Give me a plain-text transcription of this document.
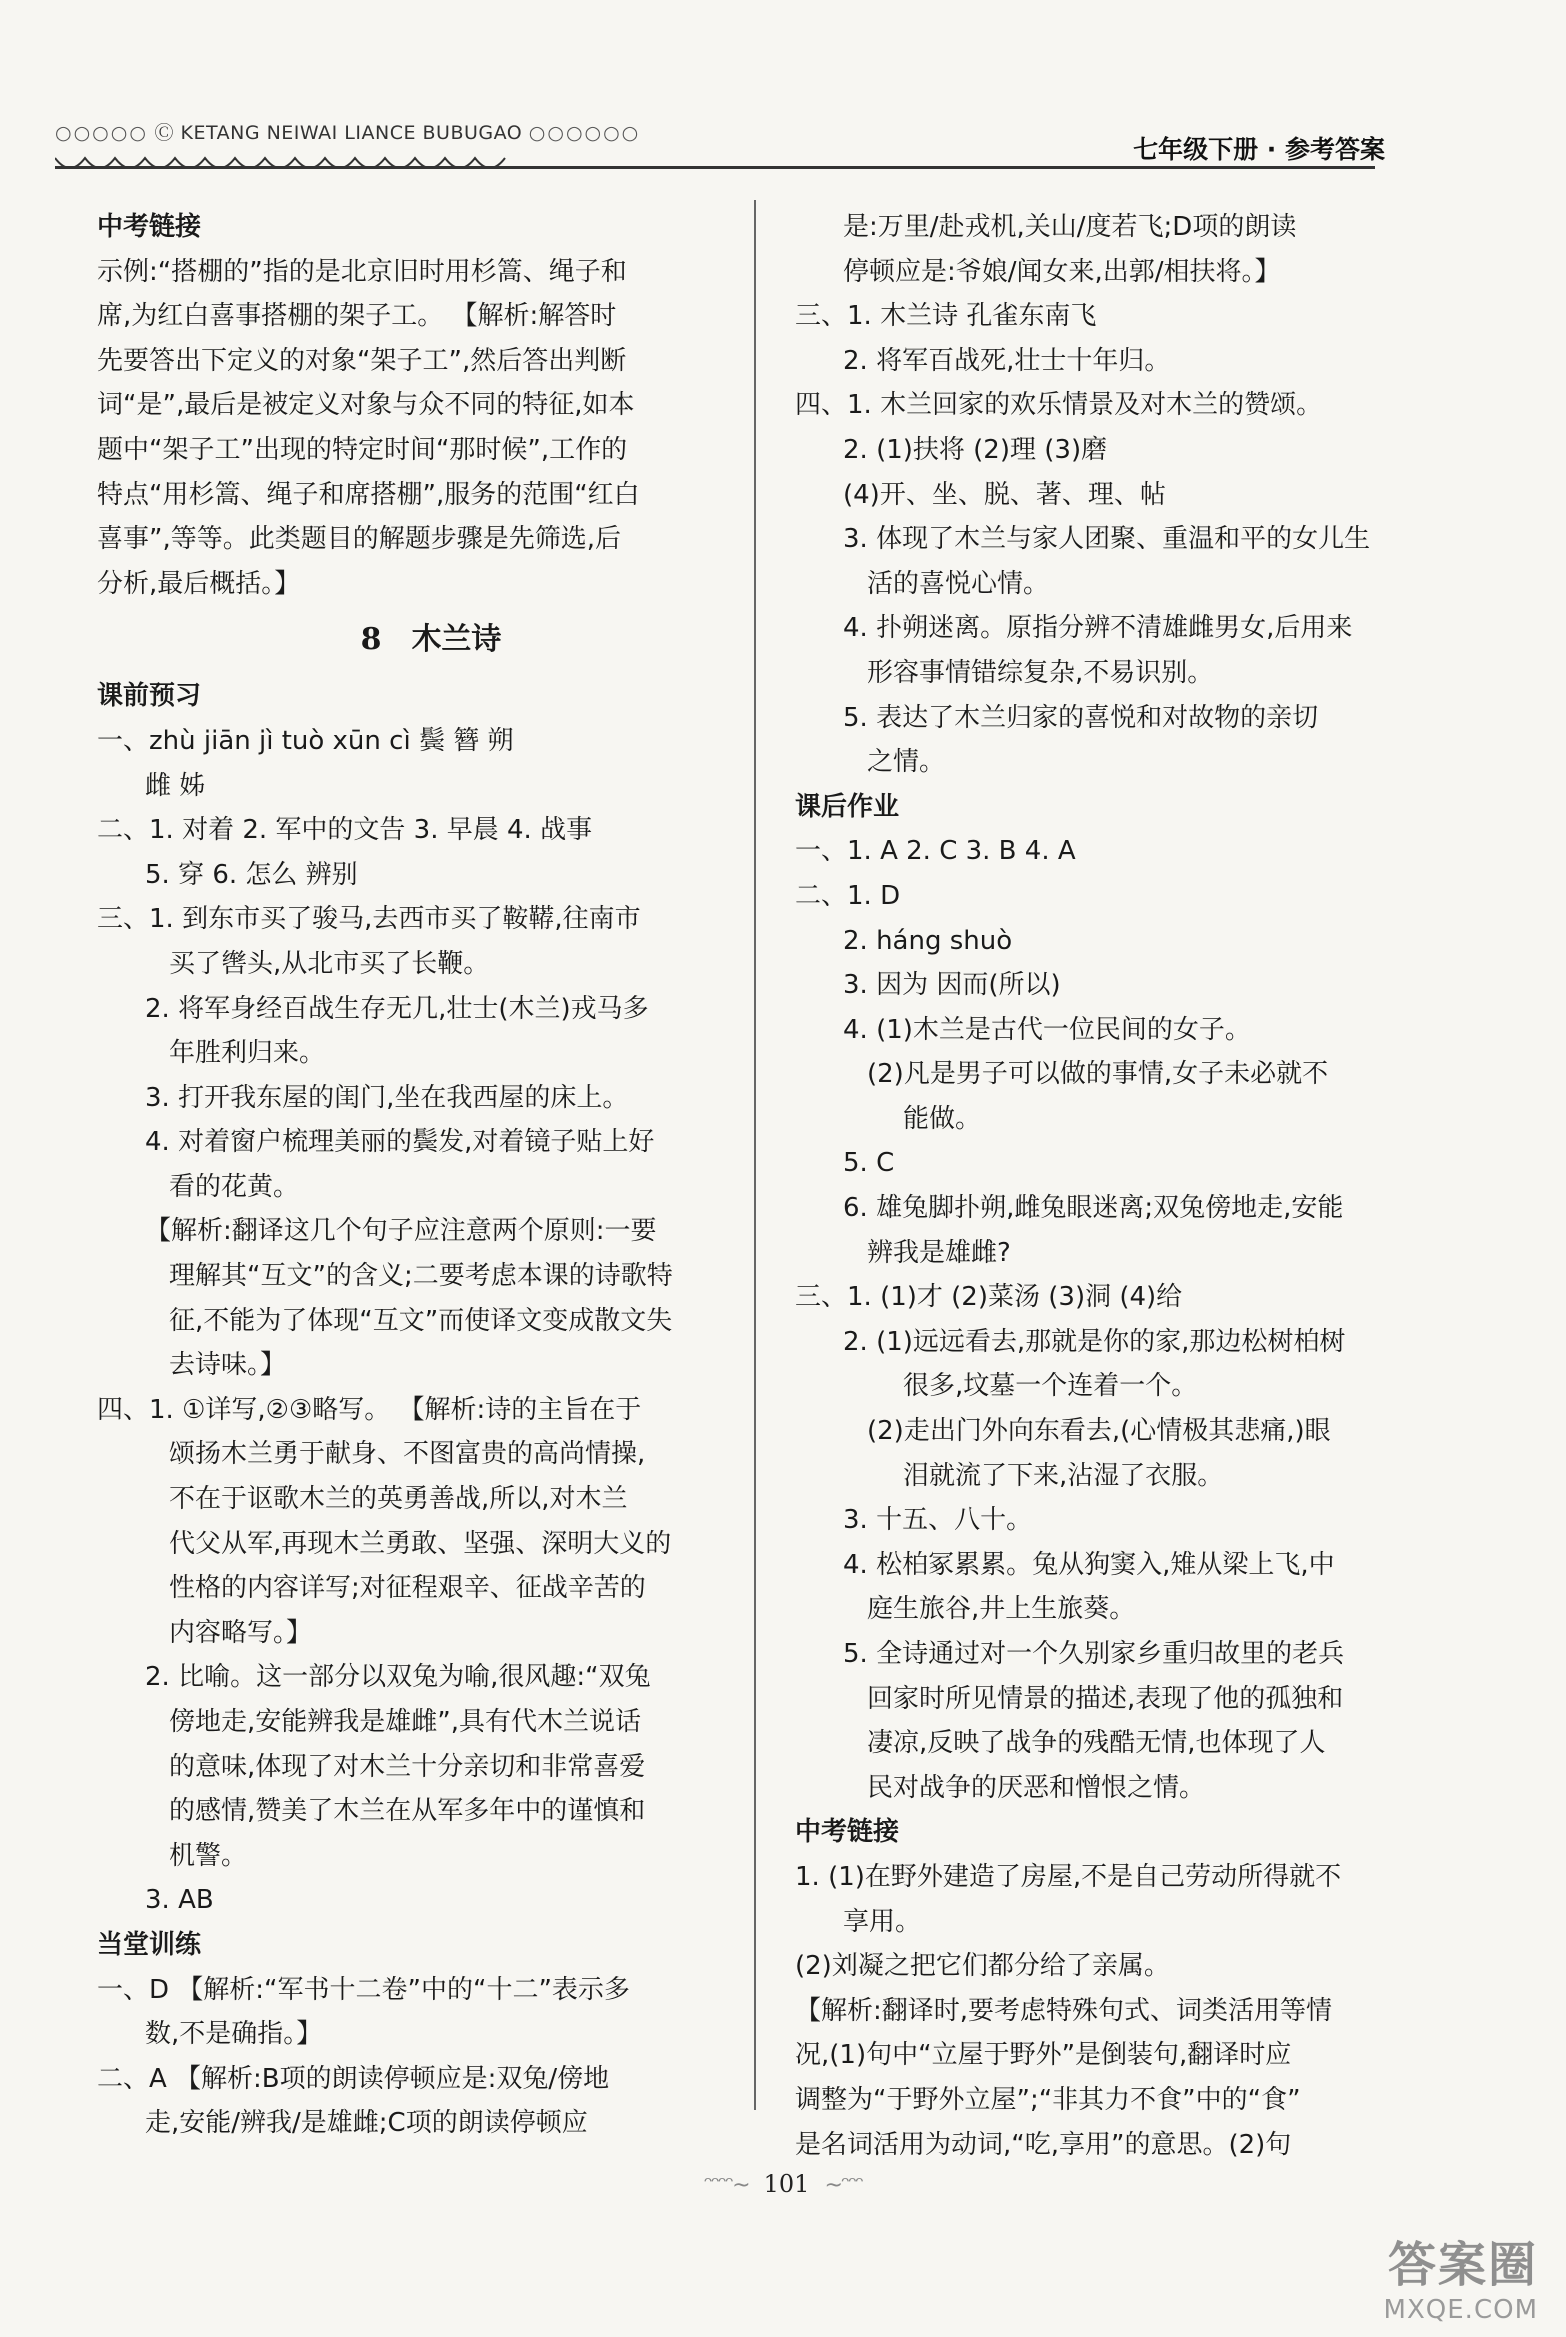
○○○○○ Ⓒ KETANG NEIWAI LIANCE BUBUGAO ○○○○○○
七年级下册 · 参考答案
中考链接
示例:“搭棚的”指的是北京旧时用杉篙、绳子和
席,为红白喜事搭棚的架子工。 【解析:解答时
先要答出下定义的对象“架子工”,然后答出判断
词“是”,最后是被定义对象与众不同的特征,如本
题中“架子工”出现的特定时间“那时候”,工作的
特点“用杉篙、绳子和席搭棚”,服务的范围“红白
喜事”,等等。此类题目的解题步骤是先筛选,后
分析,最后概括。】
8 木兰诗
课前预习
一、zhù jiān jì tuò xūn cì 鬓 簪 朔
雌 姊
二、1. 对着 2. 军中的文告 3. 早晨 4. 战事
5. 穿 6. 怎么 辨别
三、1. 到东市买了骏马,去西市买了鞍鞯,往南市
买了辔头,从北市买了长鞭。
2. 将军身经百战生存无几,壮士(木兰)戎马多
年胜利归来。
3. 打开我东屋的闺门,坐在我西屋的床上。
4. 对着窗户梳理美丽的鬓发,对着镜子贴上好
看的花黄。
【解析:翻译这几个句子应注意两个原则:一要
理解其“互文”的含义;二要考虑本课的诗歌特
征,不能为了体现“互文”而使译文变成散文失
去诗味。】
四、1. ①详写,②③略写。 【解析:诗的主旨在于
颂扬木兰勇于献身、不图富贵的高尚情操,
不在于讴歌木兰的英勇善战,所以,对木兰
代父从军,再现木兰勇敢、坚强、深明大义的
性格的内容详写;对征程艰辛、征战辛苦的
内容略写。】
2. 比喻。这一部分以双兔为喻,很风趣:“双兔
傍地走,安能辨我是雄雌”,具有代木兰说话
的意味,体现了对木兰十分亲切和非常喜爱
的感情,赞美了木兰在从军多年中的谨慎和
机警。
3. AB
当堂训练
一、D 【解析:“军书十二卷”中的“十二”表示多
数,不是确指。】
二、A 【解析:B项的朗读停顿应是:双兔/傍地
走,安能/辨我/是雄雌;C项的朗读停顿应
是:万里/赴戎机,关山/度若飞;D项的朗读
停顿应是:爷娘/闻女来,出郭/相扶将。】
三、1. 木兰诗 孔雀东南飞
2. 将军百战死,壮士十年归。
四、1. 木兰回家的欢乐情景及对木兰的赞颂。
2. (1)扶将 (2)理 (3)磨
(4)开、坐、脱、著、理、帖
3. 体现了木兰与家人团聚、重温和平的女儿生
活的喜悦心情。
4. 扑朔迷离。原指分辨不清雄雌男女,后用来
形容事情错综复杂,不易识别。
5. 表达了木兰归家的喜悦和对故物的亲切
之情。
课后作业
一、1. A 2. C 3. B 4. A
二、1. D
2. háng shuò
3. 因为 因而(所以)
4. (1)木兰是古代一位民间的女子。
(2)凡是男子可以做的事情,女子未必就不
能做。
5. C
6. 雄兔脚扑朔,雌兔眼迷离;双兔傍地走,安能
辨我是雄雌?
三、1. (1)才 (2)菜汤 (3)洞 (4)给
2. (1)远远看去,那就是你的家,那边松树柏树
很多,坟墓一个连着一个。
(2)走出门外向东看去,(心情极其悲痛,)眼
泪就流了下来,沾湿了衣服。
3. 十五、八十。
4. 松柏冢累累。兔从狗窦入,雉从梁上飞,中
庭生旅谷,井上生旅葵。
5. 全诗通过对一个久别家乡重归故里的老兵
回家时所见情景的描述,表现了他的孤独和
凄凉,反映了战争的残酷无情,也体现了人
民对战争的厌恶和憎恨之情。
中考链接
1. (1)在野外建造了房屋,不是自己劳动所得就不
享用。
(2)刘凝之把它们都分给了亲属。
【解析:翻译时,要考虑特殊句式、词类活用等情
况,(1)句中“立屋于野外”是倒装句,翻译时应
调整为“于野外立屋”;“非其力不食”中的“食”
是名词活用为动词,“吃,享用”的意思。(2)句
ᵔᵔᵔᵔ~ 101 ~ᵔᵔᵔ
答案圈
MXQE.COM
